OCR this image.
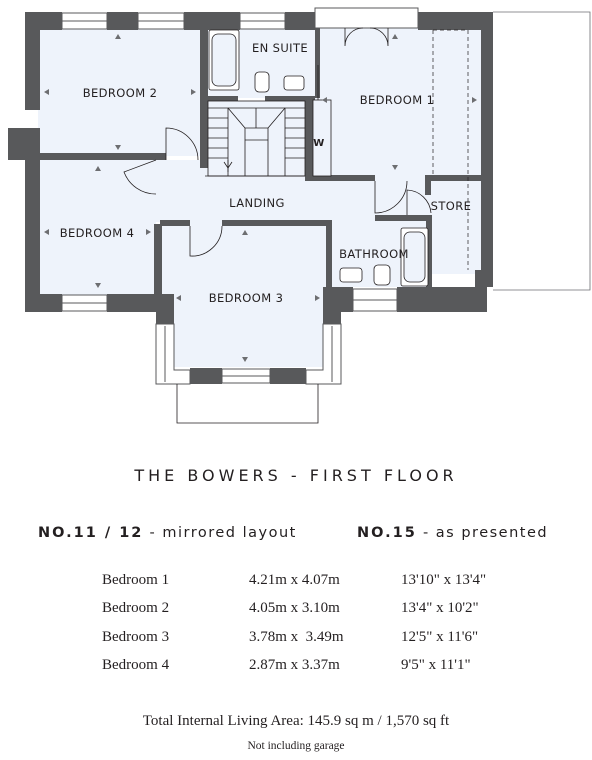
BEDROOM 2
EN SUITE
BEDROOM 1
W
LANDING	STORE
BEDROOM 4
BATHROOM
BEDROOM 3
THE BOWERS - FIRST FLOOR
NO.11 / 12 - mirrored layout	NO.15 - as presented
Bedroom 1	4.21m x 4.07m	13'10" x 13'4"
Bedroom 2	4.05m x 3.10m	13'4" x 10'2"
Bedroom 3	3.78m x  3.49m	12'5" x 11'6"
Bedroom 4	2.87m x 3.37m	9'5" x 11'1"
Total Internal Living Area: 145.9 sq m / 1,570 sq ft
Not including garage
